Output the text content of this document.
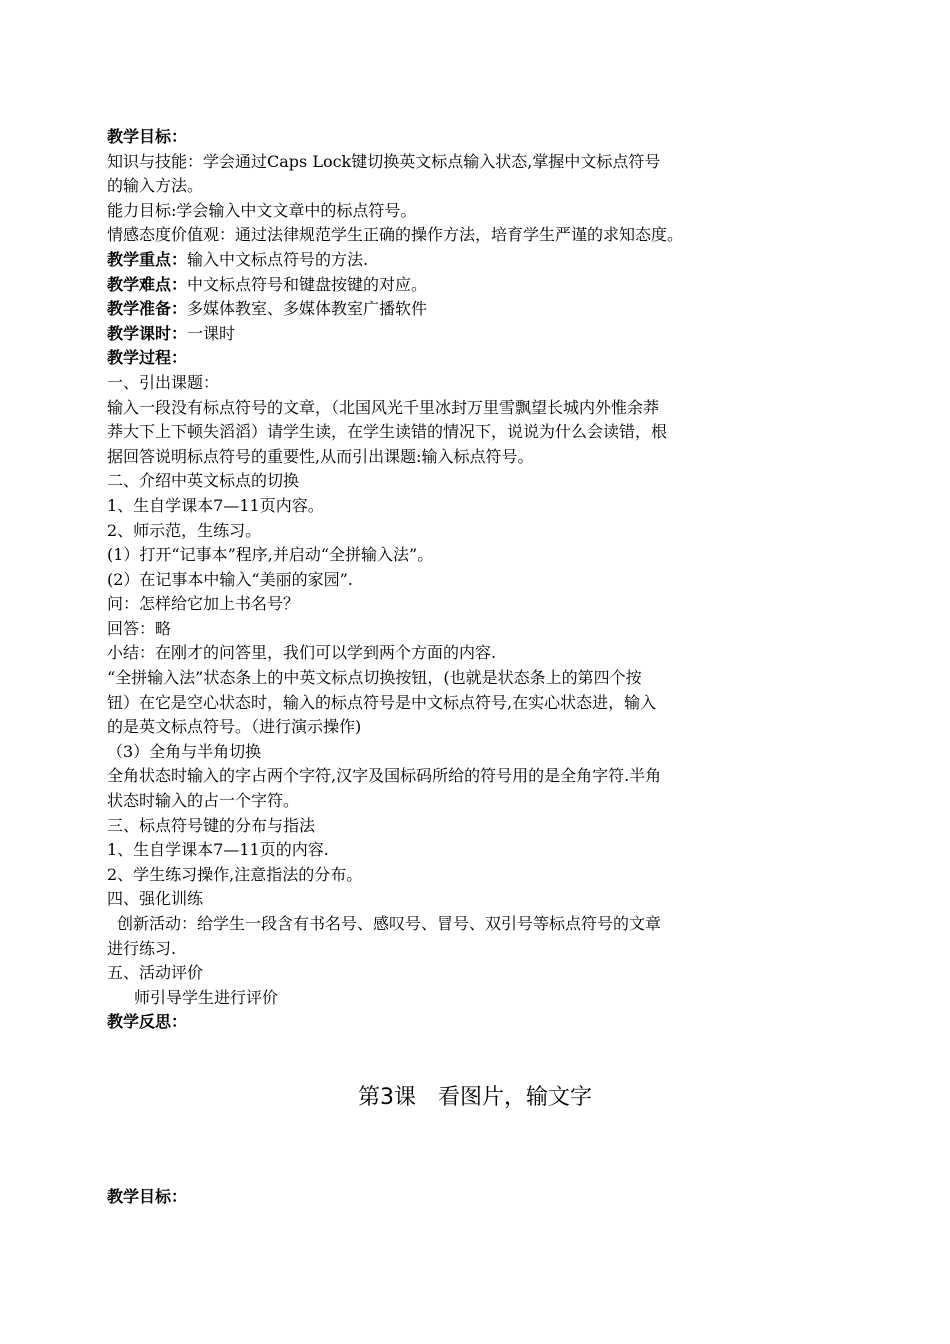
教学目标：
知识与技能：学会通过Caps Lock键切换英文标点输入状态,掌握中文标点符号
的输入方法。
能力目标:学会输入中文文章中的标点符号。
情感态度价值观：通过法律规范学生正确的操作方法，培育学生严谨的求知态度。
教学重点：输入中文标点符号的方法.
教学难点：中文标点符号和键盘按键的对应。
教学准备：多媒体教室、多媒体教室广播软件
教学课时：一课时
教学过程：
一、引出课题：
输入一段没有标点符号的文章，（北国风光千里冰封万里雪飘望长城内外惟余莽
莽大下上下顿失滔滔）请学生读，在学生读错的情况下，说说为什么会读错，根
据回答说明标点符号的重要性,从而引出课题:输入标点符号。
二、介绍中英文标点的切换
1、生自学课本7—11页内容。
2、师示范，生练习。
(1）打开“记事本”程序,并启动“全拼输入法”。
(2）在记事本中输入“美丽的家园”.
问：怎样给它加上书名号？
回答：略
小结：在刚才的问答里，我们可以学到两个方面的内容.
“全拼输入法”状态条上的中英文标点切换按钮，(也就是状态条上的第四个按
钮）在它是空心状态时，输入的标点符号是中文标点符号,在实心状态进，输入
的是英文标点符号。（进行演示操作)
（3）全角与半角切换
全角状态时输入的字占两个字符,汉字及国标码所给的符号用的是全角字符.半角
状态时输入的占一个字符。
三、标点符号键的分布与指法
1、生自学课本7—11页的内容.
2、学生练习操作,注意指法的分布。
四、强化训练
创新活动：给学生一段含有书名号、感叹号、冒号、双引号等标点符号的文章
进行练习.
五、活动评价
师引导学生进行评价
教学反思：
第3课　看图片，输文字
教学目标：
